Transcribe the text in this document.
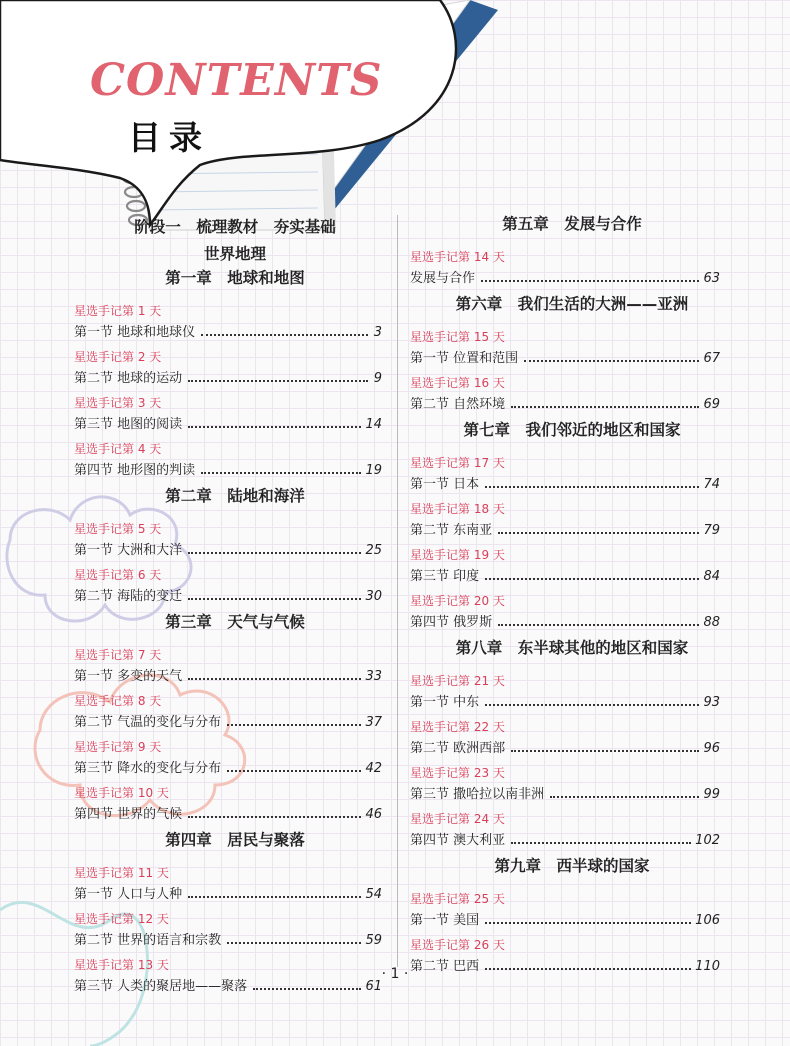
CONTENTS
目录
阶段一　梳理教材　夯实基础
世界地理
第一章　地球和地图
星选手记第 1 天
第一节 地球和地球仪	3
星选手记第 2 天
第二节 地球的运动	9
星选手记第 3 天
第三节 地图的阅读	14
星选手记第 4 天
第四节 地形图的判读	19
第二章　陆地和海洋
星选手记第 5 天
第一节 大洲和大洋	25
星选手记第 6 天
第二节 海陆的变迁	30
第三章　天气与气候
星选手记第 7 天
第一节 多变的天气	33
星选手记第 8 天
第二节 气温的变化与分布	37
星选手记第 9 天
第三节 降水的变化与分布	42
星选手记第 10 天
第四节 世界的气候	46
第四章　居民与聚落
星选手记第 11 天
第一节 人口与人种	54
星选手记第 12 天
第二节 世界的语言和宗教	59
星选手记第 13 天
第三节 人类的聚居地——聚落	61
第五章　发展与合作
星选手记第 14 天
发展与合作	63
第六章　我们生活的大洲——亚洲
星选手记第 15 天
第一节 位置和范围	67
星选手记第 16 天
第二节 自然环境	69
第七章　我们邻近的地区和国家
星选手记第 17 天
第一节 日本	74
星选手记第 18 天
第二节 东南亚	79
星选手记第 19 天
第三节 印度	84
星选手记第 20 天
第四节 俄罗斯	88
第八章　东半球其他的地区和国家
星选手记第 21 天
第一节 中东	93
星选手记第 22 天
第二节 欧洲西部	96
星选手记第 23 天
第三节 撒哈拉以南非洲	99
星选手记第 24 天
第四节 澳大利亚	102
第九章　西半球的国家
星选手记第 25 天
第一节 美国	106
星选手记第 26 天
第二节 巴西	110
· 1 ·
